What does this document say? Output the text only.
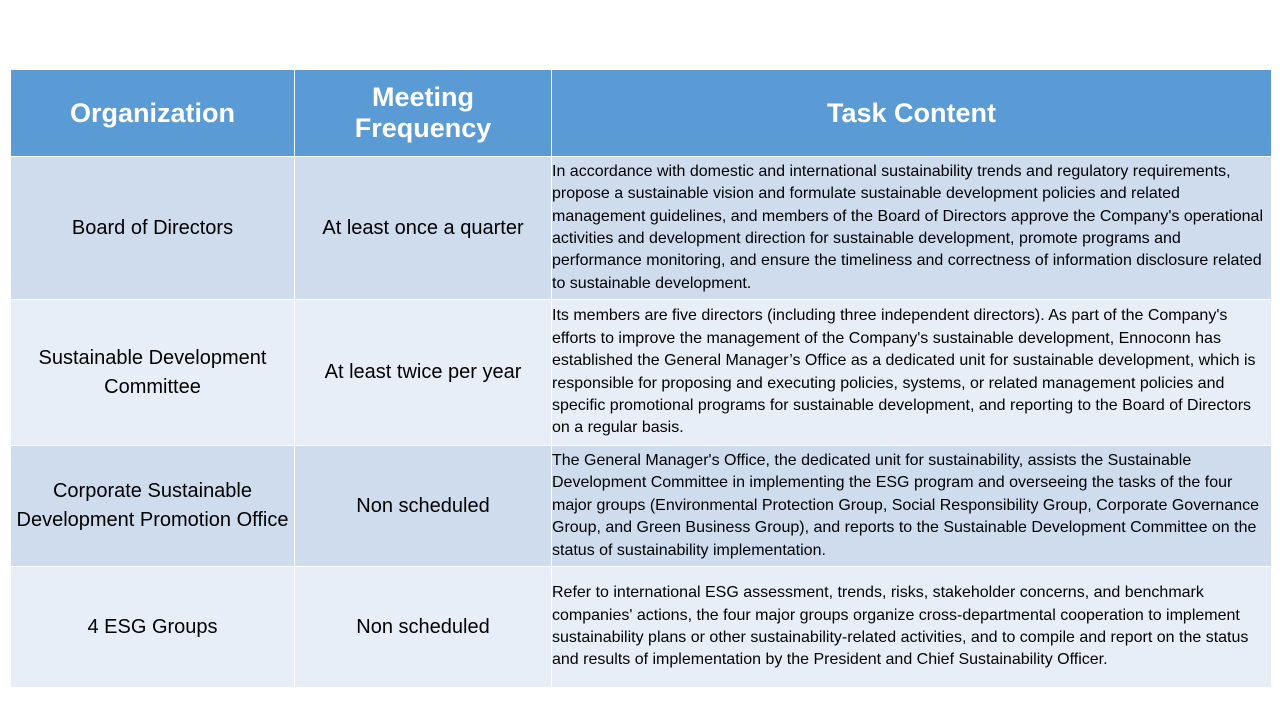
Organization	Meeting Frequency	Task Content
Board of Directors	At least once a quarter	In accordance with domestic and international sustainability trends and regulatory requirements, propose a sustainable vision and formulate sustainable development policies and related management guidelines, and members of the Board of Directors approve the Company's operational activities and development direction for sustainable development, promote programs and performance monitoring, and ensure the timeliness and correctness of information disclosure related to sustainable development.
Sustainable Development Committee	At least twice per year	Its members are five directors (including three independent directors). As part of the Company's efforts to improve the management of the Company's sustainable development, Ennoconn has established the General Manager’s Office as a dedicated unit for sustainable development, which is responsible for proposing and executing policies, systems, or related management policies and specific promotional programs for sustainable development, and reporting to the Board of Directors on a regular basis.
Corporate Sustainable Development Promotion Office	Non scheduled	The General Manager's Office, the dedicated unit for sustainability, assists the Sustainable Development Committee in implementing the ESG program and overseeing the tasks of the four major groups (Environmental Protection Group, Social Responsibility Group, Corporate Governance Group, and Green Business Group), and reports to the Sustainable Development Committee on the status of sustainability implementation.
4 ESG Groups	Non scheduled	Refer to international ESG assessment, trends, risks, stakeholder concerns, and benchmark companies' actions, the four major groups organize cross-departmental cooperation to implement sustainability plans or other sustainability-related activities, and to compile and report on the status and results of implementation by the President and Chief Sustainability Officer.
